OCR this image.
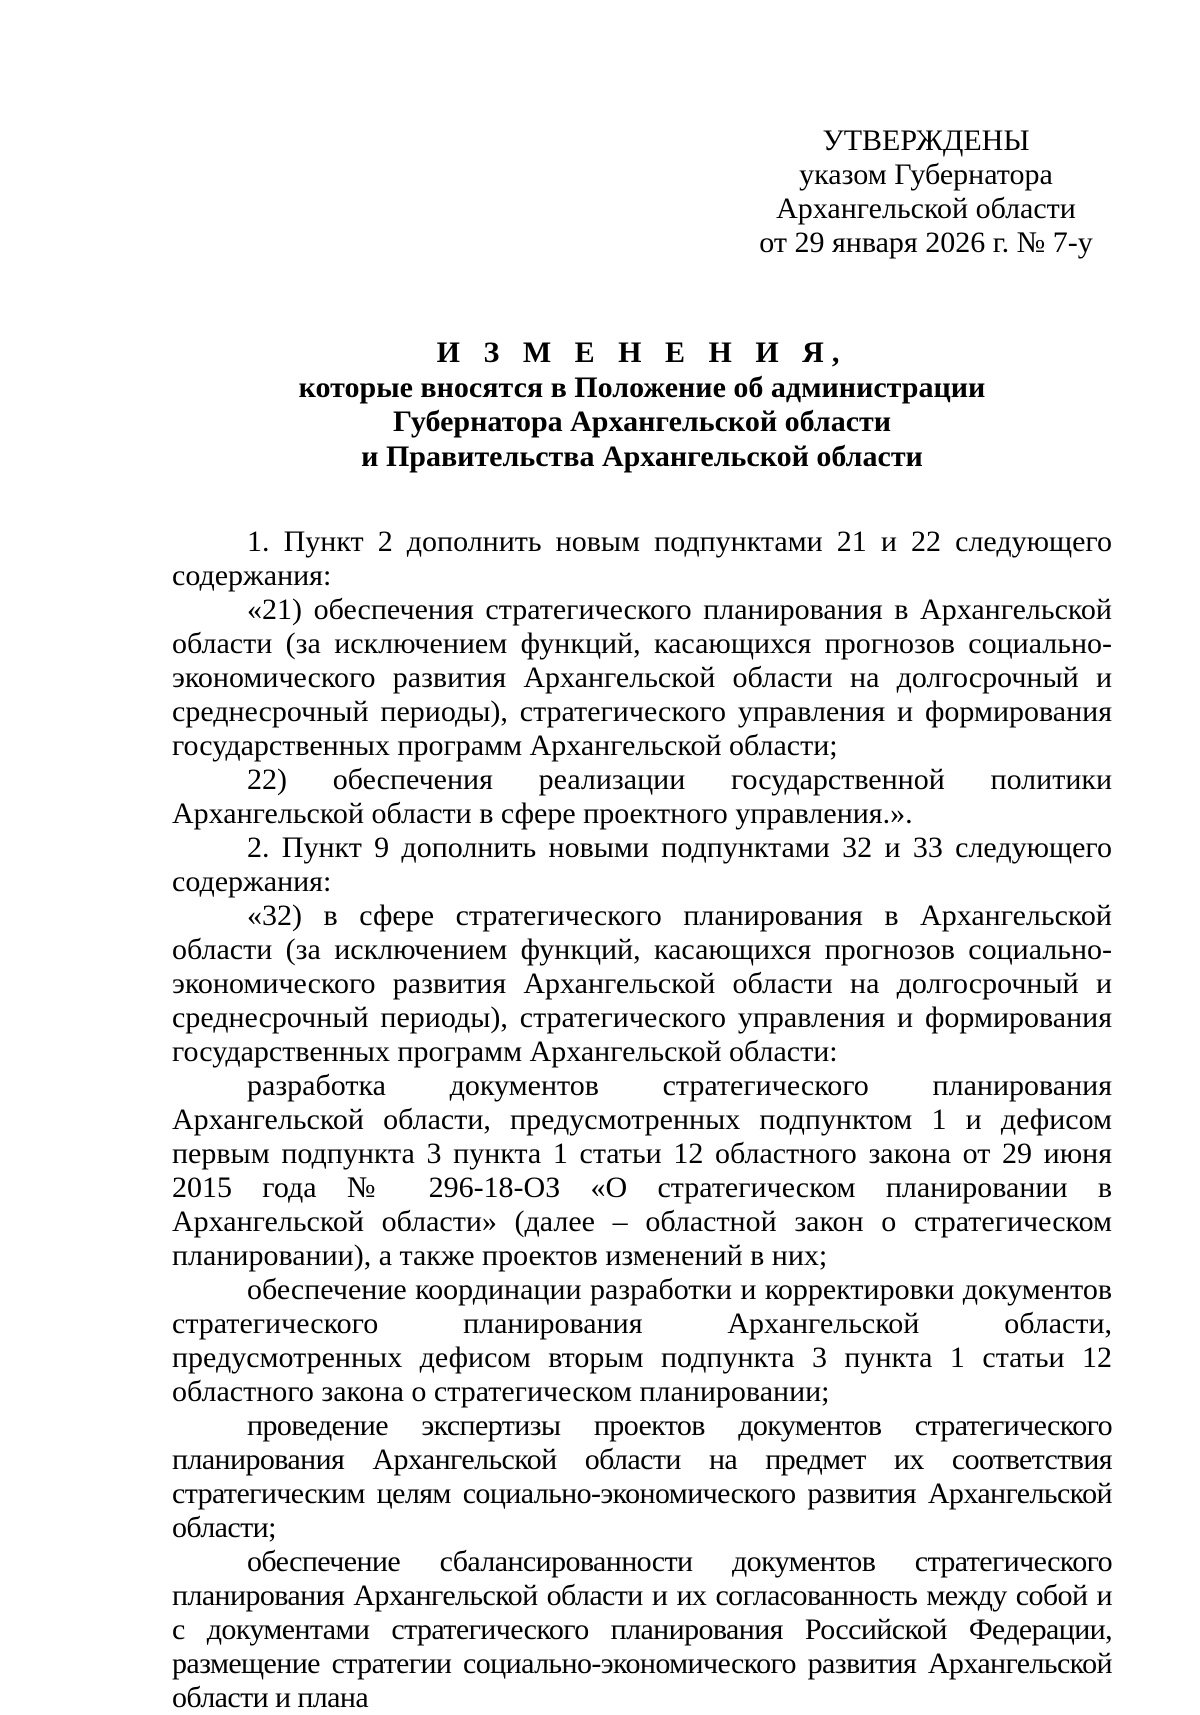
УТВЕРЖДЕНЫ
указом Губернатора
Архангельской области
от 29 января 2026 г. № 7-у
И З М Е Н Е Н И Я,
которые вносятся в Положение об администрации
Губернатора Архангельской области
и Правительства Архангельской области

1. Пункт 2 дополнить новым подпунктами 21 и 22 следующего содержания:

«21) обеспечения стратегического планирования в Архангельской области (за исключением функций, касающихся прогнозов социально-экономического развития Архангельской области на долгосрочный и среднесрочный периоды), стратегического управления и формирования государственных программ Архангельской области;

22) обеспечения реализации государственной политики Архангельской области в сфере проектного управления.».

2. Пункт 9 дополнить новыми подпунктами 32 и 33 следующего содержания:

«32) в сфере стратегического планирования в Архангельской области (за исключением функций, касающихся прогнозов социально-экономического развития Архангельской области на долгосрочный и среднесрочный периоды), стратегического управления и формирования государственных программ Архангельской области:

разработка документов стратегического планирования Архангельской области, предусмотренных подпунктом 1 и дефисом первым подпункта 3 пункта 1 статьи 12 областного закона от 29 июня 2015 года № 296-18-ОЗ «О стратегическом планировании в Архангельской области» (далее – областной закон о стратегическом планировании), а также проектов изменений в них;

обеспечение координации разработки и корректировки документов стратегического планирования Архангельской области, предусмотренных дефисом вторым подпункта 3 пункта 1 статьи 12 областного закона о стратегическом планировании;

проведение экспертизы проектов документов стратегического планирования Архангельской области на предмет их соответствия стратегическим целям социально-экономического развития Архангельской области;

обеспечение сбалансированности документов стратегического планирования Архангельской области и их согласованность между собой и с документами стратегического планирования Российской Федерации, размещение стратегии социально-экономического развития Архангельской области и плана
